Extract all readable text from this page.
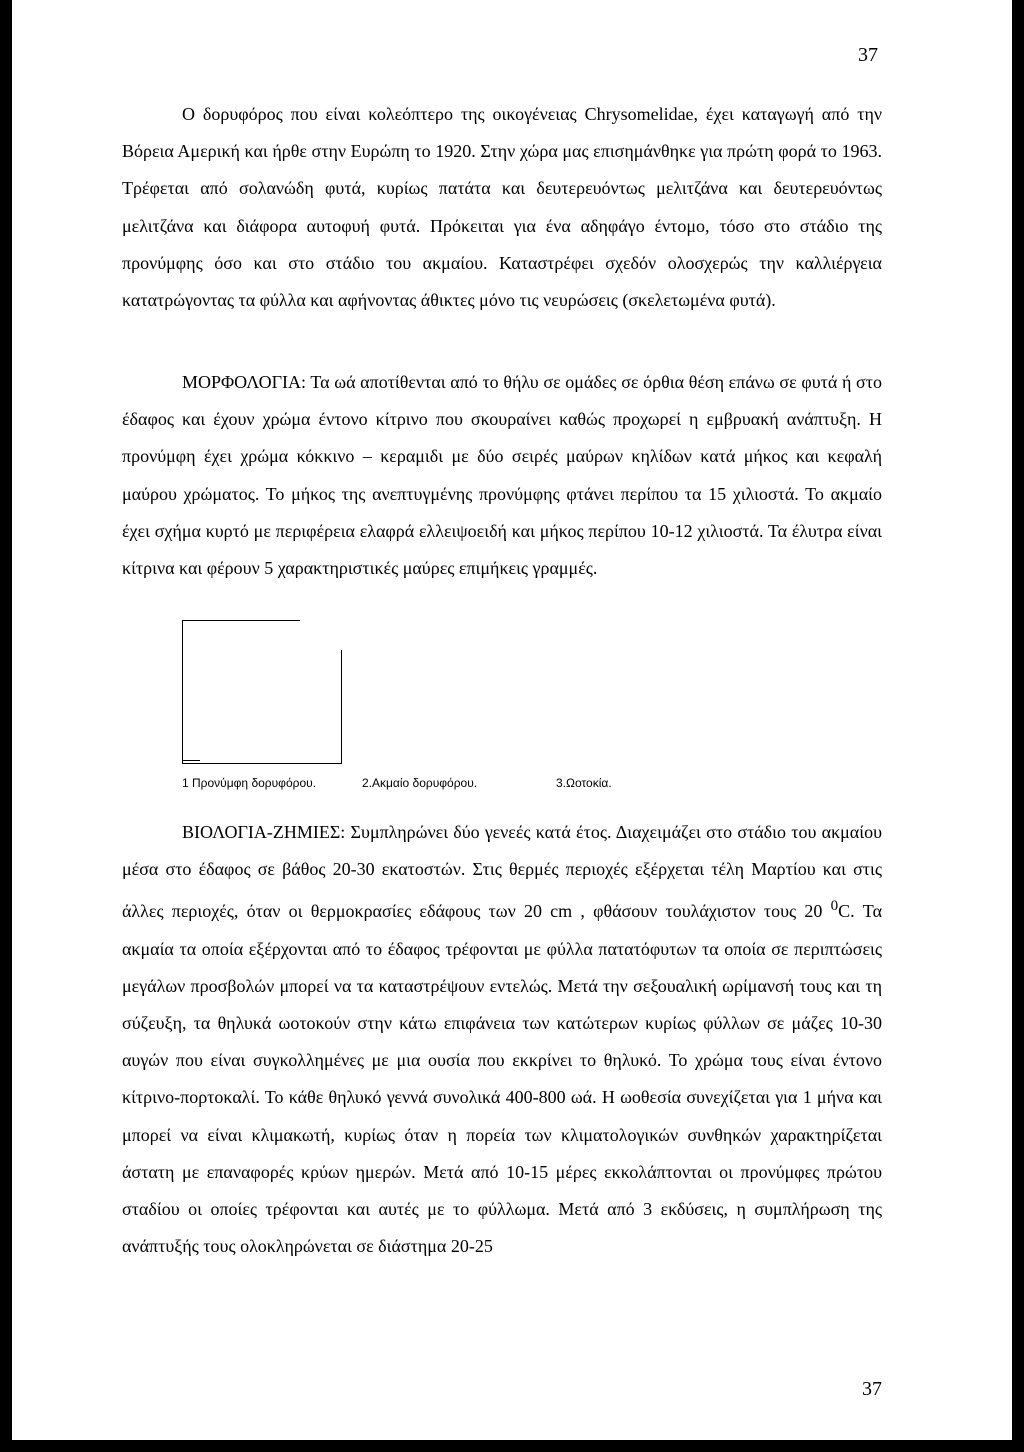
37

Ο δορυφόρος που είναι κολεόπτερο της οικογένειας Chrysomelidae, έχει καταγωγή από την Βόρεια Αμερική και ήρθε στην Ευρώπη το 1920. Στην χώρα μας επισημάνθηκε για πρώτη φορά το 1963. Τρέφεται από σολανώδη φυτά, κυρίως πατάτα και δευτερευόντως μελιτζάνα και δευτερευόντως μελιτζάνα και διάφορα αυτοφυή φυτά. Πρόκειται για ένα αδηφάγο έντομο, τόσο στο στάδιο της προνύμφης όσο και στο στάδιο του ακμαίου. Καταστρέφει σχεδόν ολοσχερώς την καλλιέργεια κατατρώγοντας τα φύλλα και αφήνοντας άθικτες μόνο τις νευρώσεις (σκελετωμένα φυτά).

ΜΟΡΦΟΛΟΓΙΑ: Τα ωά αποτίθενται από το θήλυ σε ομάδες σε όρθια θέση επάνω σε φυτά ή στο έδαφος και έχουν χρώμα έντονο κίτρινο που σκουραίνει καθώς προχωρεί η εμβρυακή ανάπτυξη. Η προνύμφη έχει χρώμα κόκκινο – κεραμιδι με δύο σειρές μαύρων κηλίδων κατά μήκος και κεφαλή μαύρου χρώματος. Το μήκος της ανεπτυγμένης προνύμφης φτάνει περίπου τα 15 χιλιοστά. Το ακμαίο έχει σχήμα κυρτό με περιφέρεια ελαφρά ελλειψοειδή και μήκος περίπου 10-12 χιλιοστά. Τα έλυτρα είναι κίτρινα και φέρουν 5 χαρακτηριστικές μαύρες επιμήκεις γραμμές.

1 Προνύμφη δορυφόρου.	2.Ακμαίο δορυφόρου.	3.Ωοτοκία.

ΒΙΟΛΟΓΙΑ-ΖΗΜΙΕΣ: Συμπληρώνει δύο γενεές κατά έτος. Διαχειμάζει στο στάδιο του ακμαίου μέσα στο έδαφος σε βάθος 20-30 εκατοστών. Στις θερμές περιοχές εξέρχεται τέλη Μαρτίου και στις άλλες περιοχές, όταν οι θερμοκρασίες εδάφους των 20 cm , φθάσουν τουλάχιστον τους 20 $^0$C. Τα ακμαία τα οποία εξέρχονται από το έδαφος τρέφονται με φύλλα πατατόφυτων τα οποία σε περιπτώσεις μεγάλων προσβολών μπορεί να τα καταστρέψουν εντελώς. Μετά την σεξουαλική ωρίμανσή τους και τη σύζευξη, τα θηλυκά ωοτοκούν στην κάτω επιφάνεια των κατώτερων κυρίως φύλλων σε μάζες 10-30 αυγών που είναι συγκολλημένες με μια ουσία που εκκρίνει το θηλυκό. Το χρώμα τους είναι έντονο κίτρινο-πορτοκαλί. Το κάθε θηλυκό γεννά συνολικά 400-800 ωά. Η ωοθεσία συνεχίζεται για 1 μήνα και μπορεί να είναι κλιμακωτή, κυρίως όταν η πορεία των κλιματολογικών συνθηκών χαρακτηρίζεται άστατη με επαναφορές κρύων ημερών. Μετά από 10-15 μέρες εκκολάπτονται οι προνύμφες πρώτου σταδίου οι οποίες τρέφονται και αυτές με το φύλλωμα. Μετά από 3 εκδύσεις, η συμπλήρωση της ανάπτυξής τους ολοκληρώνεται σε διάστημα 20-25

37
